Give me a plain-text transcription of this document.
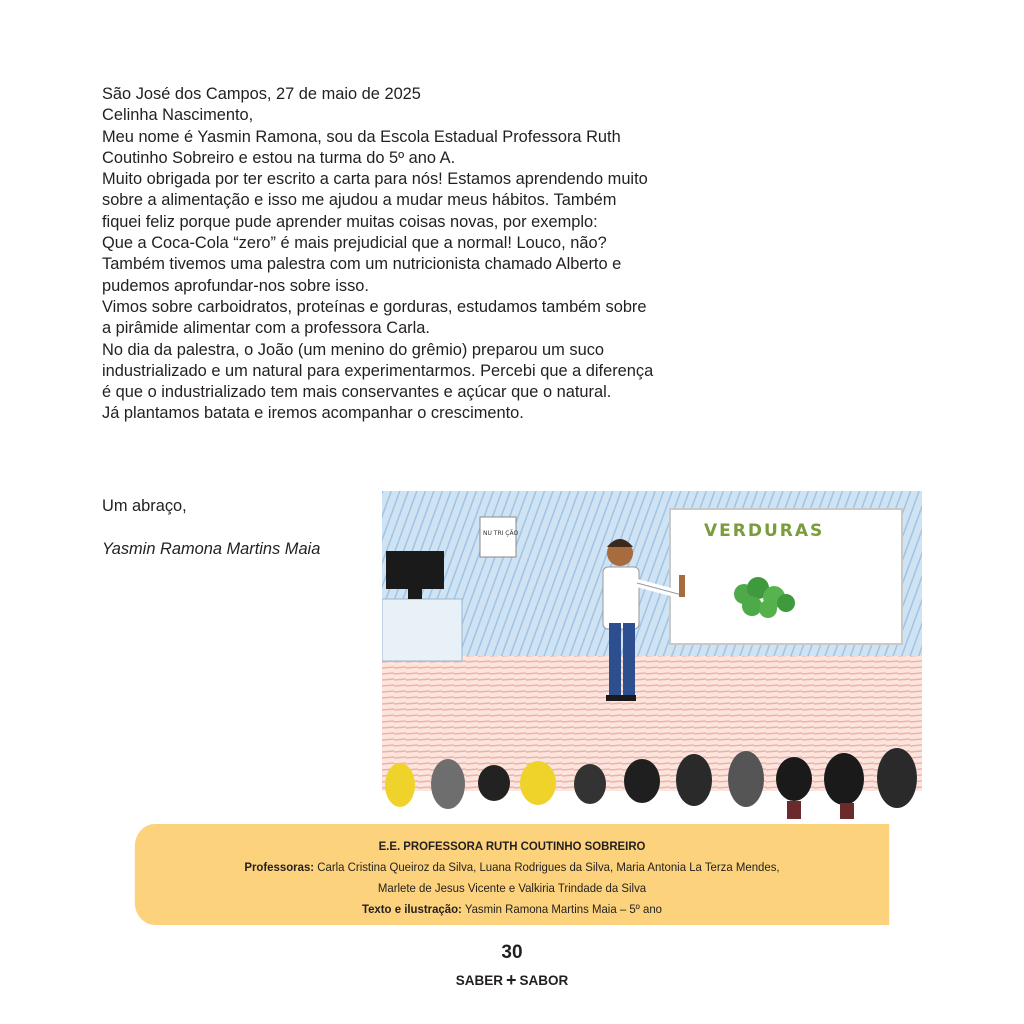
São José dos Campos, 27 de maio de 2025

Celinha Nascimento,

Meu nome é Yasmin Ramona, sou da Escola Estadual Professora Ruth

Coutinho Sobreiro e estou na turma do 5º ano A.

Muito obrigada por ter escrito a carta para nós! Estamos aprendendo muito

sobre a alimentação e isso me ajudou a mudar meus hábitos. Também

fiquei feliz porque pude aprender muitas coisas novas, por exemplo:

Que a Coca-Cola “zero” é mais prejudicial que a normal! Louco, não?

Também tivemos uma palestra com um nutricionista chamado Alberto e

pudemos aprofundar-nos sobre isso.

Vimos sobre carboidratos, proteínas e gorduras, estudamos também sobre

a pirâmide alimentar com a professora Carla.

No dia da palestra, o João (um menino do grêmio) preparou um suco

industrializado e um natural para experimentarmos. Percebi que a diferença

é que o industrializado tem mais conservantes e açúcar que o natural.

Já plantamos batata e iremos acompanhar o crescimento.

Um abraço,
Yasmin Ramona Martins Maia
VERDURAS
NU TRI ÇÃO
E.E. PROFESSORA RUTH COUTINHO SOBREIRO
Professoras: Carla Cristina Queiroz da Silva, Luana Rodrigues da Silva, Maria Antonia La Terza Mendes,
Marlete de Jesus Vicente e Valkiria Trindade da Silva
Texto e ilustração: Yasmin Ramona Martins Maia – 5º ano
30
SABER + SABOR
